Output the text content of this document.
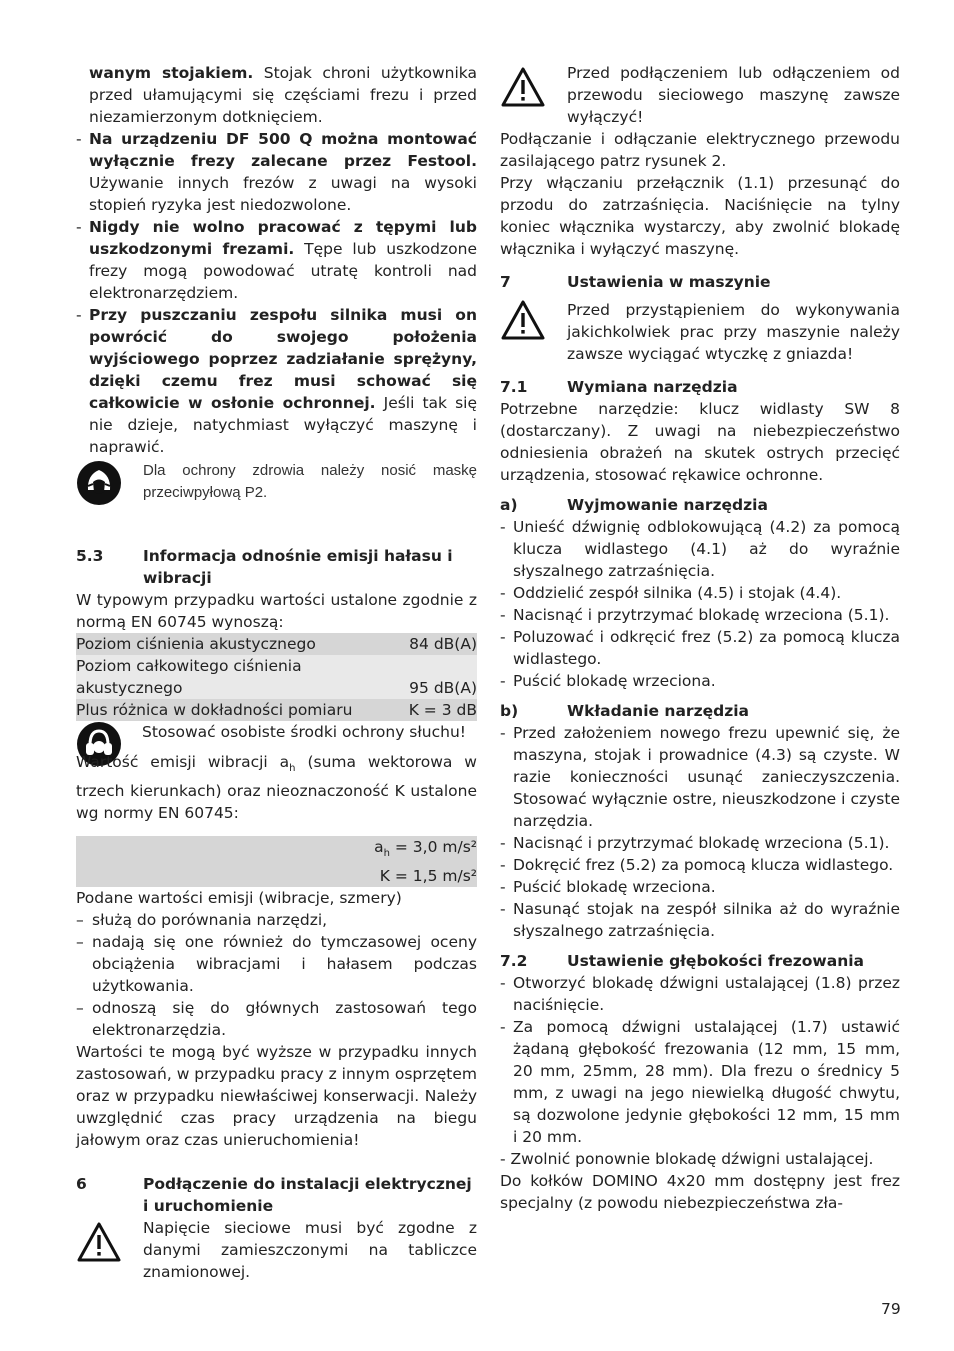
wanym stojakiem. Stojak chroni użytkownika przed ułamującymi się częściami frezu i przed niezamierzonym dotknięciem.

- Na urządzeniu DF 500 Q można montować wyłącznie frezy zalecane przez Festool. Używanie innych frezów z uwagi na wysoki stopień ryzyka jest niedozwolone.

- Nigdy nie wolno pracować z tępymi lub uszkodzonymi frezami. Tępe lub uszkodzone frezy mogą powodować utratę kontroli nad elektronarzędziem.

- Przy puszczaniu zespołu silnika musi on powrócić do swojego położenia wyjściowego poprzez zadziałanie sprężyny, dzięki czemu frez musi schować się całkowicie w osłonie ochronnej. Jeśli tak się nie dzieje, natychmiast wyłączyć maszynę i naprawić.

Dla ochrony zdrowia należy nosić maskę przeciwpyłową P2.

5.3	Informacja odnośnie emisji hałasu i wibracji

W typowym przypadku wartości ustalone zgodnie z normą EN 60745 wynoszą:

Poziom ciśnienia akustycznego	84 dB(A)
Poziom całkowitego ciśnienia
akustycznego	95 dB(A)
Plus różnica w dokładności pomiaru	K = 3 dB

Stosować osobiste środki ochrony słuchu!

Wartość emisji wibracji $a_h$ (suma wektorowa w trzech kierunkach) oraz nieoznaczoność K ustalone wg normy EN 60745:

$a_h = 3,0$ m/s²
K = 1,5 m/s²

Podane wartości emisji (wibracje, szmery)

– służą do porównania narzędzi,

– nadają się one również do tymczasowej oceny obciążenia wibracjami i hałasem podczas użytkowania.

– odnoszą się do głównych zastosowań tego elektronarzędzia.

Wartości te mogą być wyższe w przypadku innych zastosowań, w przypadku pracy z innym osprzętem oraz w przypadku niewłaściwej konserwacji. Należy uwzględnić czas pracy urządzenia na biegu jałowym oraz czas unieruchomienia!

6	Podłączenie do instalacji elektrycznej i uruchomienie

Napięcie sieciowe musi być zgodne z danymi zamieszczonymi na tabliczce znamionowej.

Przed podłączeniem lub odłączeniem od przewodu sieciowego maszynę zawsze wyłączyć!

Podłączanie i odłączanie elektrycznego przewodu zasilającego patrz rysunek 2.

Przy włączaniu przełącznik (1.1) przesunąć do przodu do zatrzaśnięcia. Naciśnięcie na tylny koniec włącznika wystarczy, aby zwolnić blokadę włącznika i wyłączyć maszynę.

7	Ustawienia w maszynie

Przed przystąpieniem do wykonywania jakichkolwiek prac przy maszynie należy zawsze wyciągać wtyczkę z gniazda!

7.1	Wymiana narzędzia

Potrzebne narzędzie: klucz widlasty SW 8 (dostarczany). Z uwagi na niebezpieczeństwo odniesienia obrażeń na skutek ostrych przecięć urządzenia, stosować rękawice ochronne.

a)	Wyjmowanie narzędzia
- Unieść dźwignię odblokowującą (4.2) za pomocą klucza widlastego (4.1) aż do wyraźnie słyszalnego zatrzaśnięcia.

- Oddzielić zespół silnika (4.5) i stojak (4.4).

- Nacisnąć i przytrzymać blokadę wrzeciona (5.1).

- Poluzować i odkręcić frez (5.2) za pomocą klucza widlastego.

- Puścić blokadę wrzeciona.

b)	Wkładanie narzędzia
- Przed założeniem nowego frezu upewnić się, że maszyna, stojak i prowadnice (4.3) są czyste. W razie konieczności usunąć zanieczyszczenia. Stosować wyłącznie ostre, nieuszkodzone i czyste narzędzia.

- Nacisnąć i przytrzymać blokadę wrzeciona (5.1).

- Dokręcić frez (5.2) za pomocą klucza widlastego.

- Puścić blokadę wrzeciona.

- Nasunąć stojak na zespół silnika aż do wyraźnie słyszalnego zatrzaśnięcia.

7.2	Ustawienie głębokości frezowania
- Otworzyć blokadę dźwigni ustalającej (1.8) przez naciśnięcie.

- Za pomocą dźwigni ustalającej (1.7) ustawić żądaną głębokość frezowania (12 mm, 15 mm, 20 mm, 25mm, 28 mm). Dla frezu o średnicy 5 mm, z uwagi na jego niewielką długość chwytu, są dozwolone jedynie głębokości 12 mm, 15 mm i 20 mm.

- Zwolnić ponownie blokadę dźwigni ustalającej.

Do kołków DOMINO 4x20 mm dostępny jest frez specjalny (z powodu niebezpieczeństwa zła-

79
